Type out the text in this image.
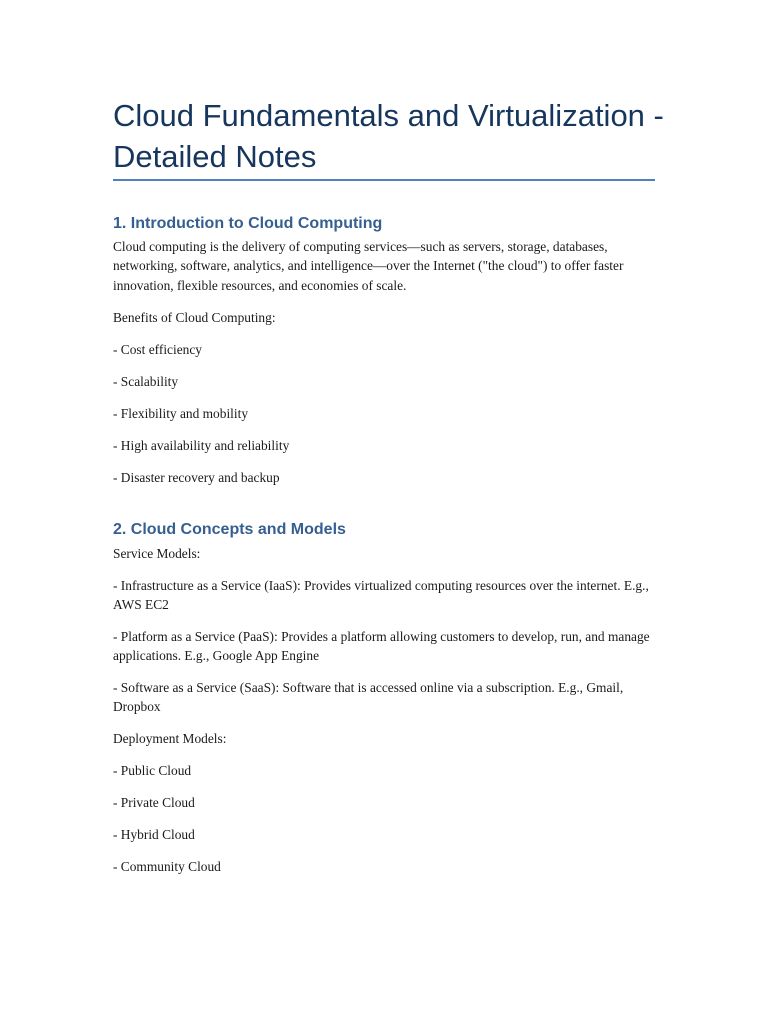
Cloud Fundamentals and Virtualization - Detailed Notes
1. Introduction to Cloud Computing

Cloud computing is the delivery of computing services—such as servers, storage, databases, networking, software, analytics, and intelligence—over the Internet ("the cloud") to offer faster innovation, flexible resources, and economies of scale.

Benefits of Cloud Computing:

- Cost efficiency

- Scalability

- Flexibility and mobility

- High availability and reliability

- Disaster recovery and backup

2. Cloud Concepts and Models

Service Models:

- Infrastructure as a Service (IaaS): Provides virtualized computing resources over the internet. E.g., AWS EC2

- Platform as a Service (PaaS): Provides a platform allowing customers to develop, run, and manage applications. E.g., Google App Engine

- Software as a Service (SaaS): Software that is accessed online via a subscription. E.g., Gmail, Dropbox

Deployment Models:

- Public Cloud

- Private Cloud

- Hybrid Cloud

- Community Cloud
